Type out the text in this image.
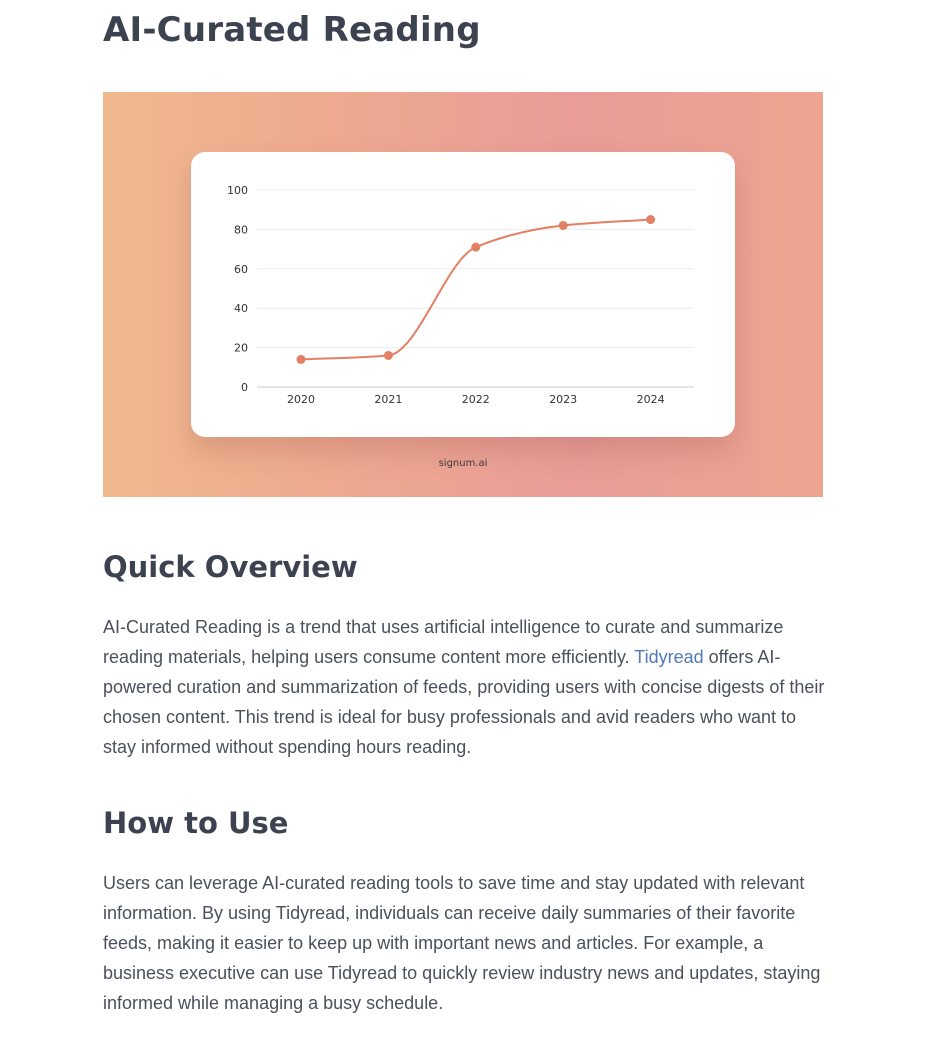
AI-Curated Reading
0
20
40
60
80
100
2020	2021	2022	2023	2024
signum.ai
Quick Overview

AI-Curated Reading is a trend that uses artificial intelligence to curate and summarize reading materials, helping users consume content more efficiently. Tidyread offers AI-powered curation and summarization of feeds, providing users with concise digests of their chosen content. This trend is ideal for busy professionals and avid readers who want to stay informed without spending hours reading.

How to Use

Users can leverage AI-curated reading tools to save time and stay updated with relevant information. By using Tidyread, individuals can receive daily summaries of their favorite feeds, making it easier to keep up with important news and articles. For example, a business executive can use Tidyread to quickly review industry news and updates, staying informed while managing a busy schedule.
